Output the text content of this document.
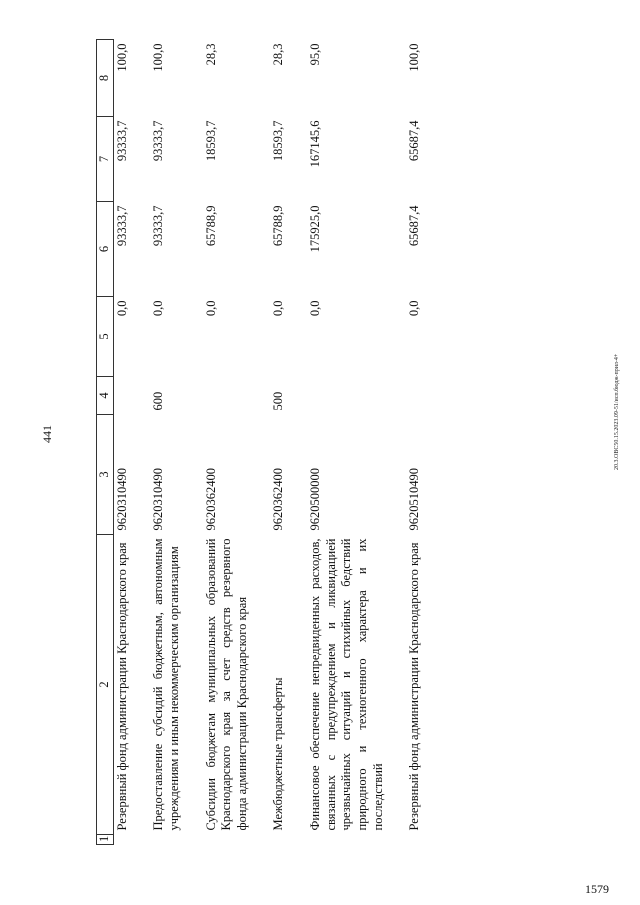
441
1	2	3	4	5	6	7	8
	Резервный фонд администрации Краснодарского края	9620310490		0,0	93333,7	93333,7	100,0
	Предоставление субсидий бюджетным, автономным учреждениям и иным некоммерческим организациям	9620310490	600	0,0	93333,7	93333,7	100,0
	Субсидии бюджетам муниципальных образований Краснодарского края за счет средств резервного фонда администрации Краснодарского края	9620362400		0,0	65788,9	18593,7	28,3
	Межбюджетные трансферты	9620362400	500	0,0	65788,9	18593,7	28,3
	Финансовое обеспечение непредвиденных расходов, связанных с предупреждением и ликвидацией чрезвычайных ситуаций и стихийных бедствий природного и техногенного характера и их последствий	9620500000		0,0	175925,0	167145,6	95,0
	Резервный фонд администрации Краснодарского края	9620510490		0,0	65687,4	65687,4	100,0
20.3.ОВС50.15.2023.09-51/исп.бюдж-прил-4+
1579
